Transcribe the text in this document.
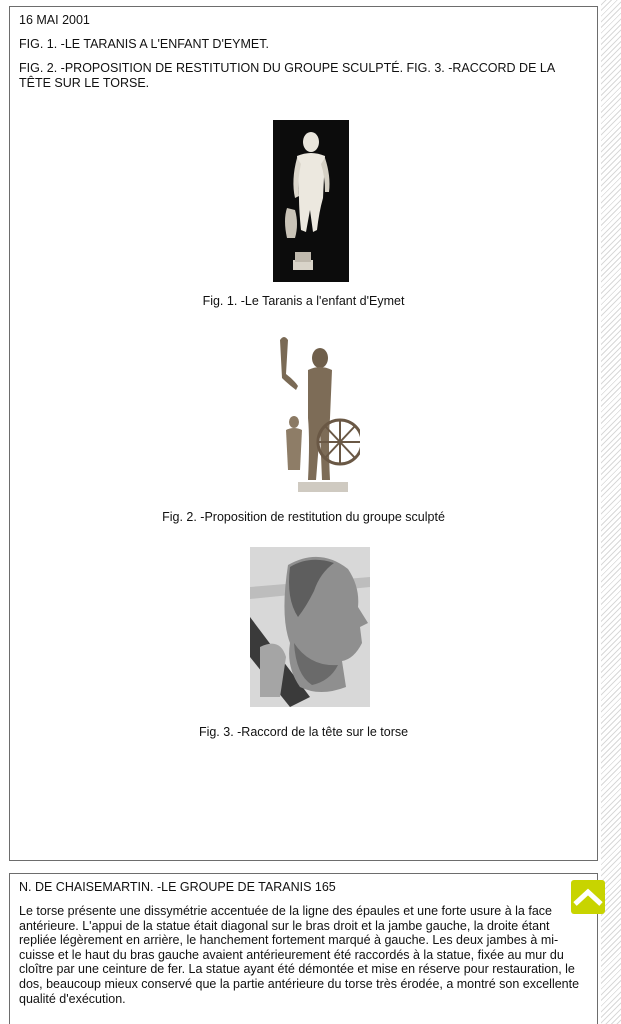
16 MAI 2001

FIG. 1. -LE TARANIS A L'ENFANT D'EYMET.

FIG. 2. -PROPOSITION DE RESTITUTION DU GROUPE SCULPTÉ. FIG. 3. -RACCORD DE LA TÊTE SUR LE TORSE.

Fig. 1. -Le Taranis a l'enfant d'Eymet
Fig. 2. -Proposition de restitution du groupe sculpté
Fig. 3. -Raccord de la tête sur le torse

N. DE CHAISEMARTIN. -LE GROUPE DE TARANIS 165

Le torse présente une dissymétrie accentuée de la ligne des épaules et une forte usure à la face antérieure. L'appui de la statue était diagonal sur le bras droit et la jambe gauche, la droite étant repliée légèrement en arrière, le hanchement fortement marqué à gauche. Les deux jambes à mi-cuisse et le haut du bras gauche avaient antérieurement été raccordés à la statue, fixée au mur du cloître par une ceinture de fer. La statue ayant été démontée et mise en réserve pour restauration, le dos, beaucoup mieux conservé que la partie antérieure du torse très érodée, a montré son excellente qualité d'exécution.
